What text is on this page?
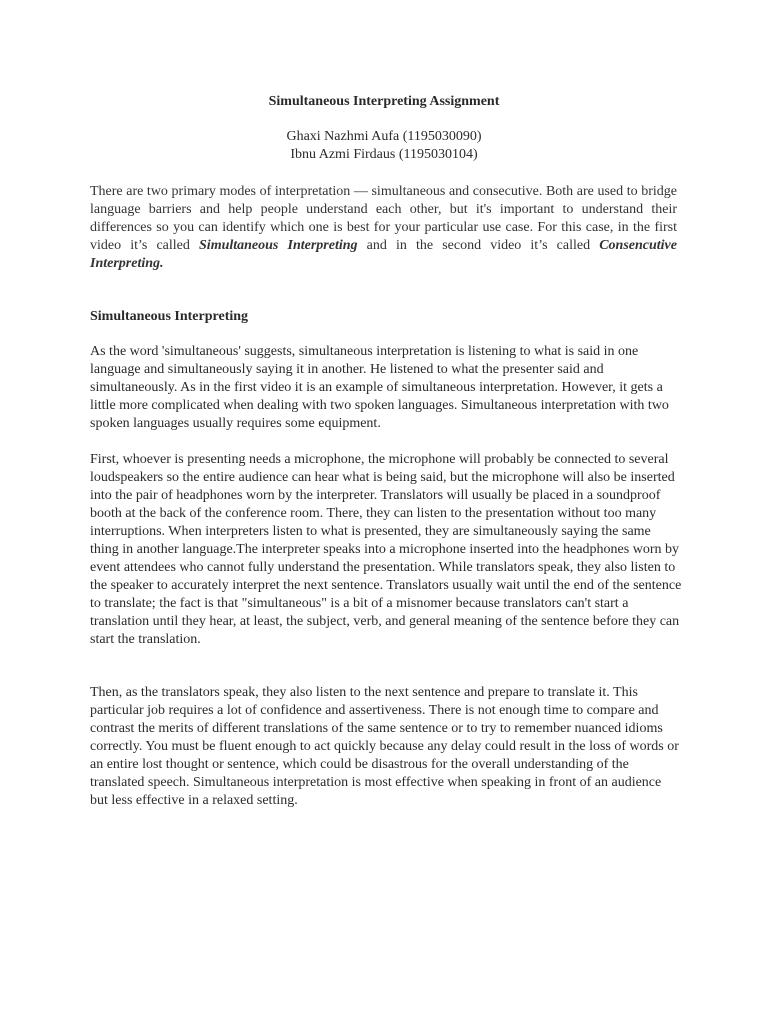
Simultaneous Interpreting Assignment
Ghaxi Nazhmi Aufa (1195030090)
Ibnu Azmi Firdaus (1195030104)

There are two primary modes of interpretation — simultaneous and consecutive. Both are used to bridge language barriers and help people understand each other, but it's important to understand their differences so you can identify which one is best for your particular use case. For this case, in the first video it’s called Simultaneous Interpreting and in the second video it’s called Consencutive Interpreting.

Simultaneous Interpreting

As the word 'simultaneous' suggests, simultaneous interpretation is listening to what is said in one language and simultaneously saying it in another. He listened to what the presenter said and simultaneously. As in the first video it is an example of simultaneous interpretation. However, it gets a little more complicated when dealing with two spoken languages. Simultaneous interpretation with two spoken languages usually requires some equipment.

First, whoever is presenting needs a microphone, the microphone will probably be connected to several loudspeakers so the entire audience can hear what is being said, but the microphone will also be inserted into the pair of headphones worn by the interpreter. Translators will usually be placed in a soundproof booth at the back of the conference room. There, they can listen to the presentation without too many interruptions. When interpreters listen to what is presented, they are simultaneously saying the same thing in another language.The interpreter speaks into a microphone inserted into the headphones worn by event attendees who cannot fully understand the presentation. While translators speak, they also listen to the speaker to accurately interpret the next sentence. Translators usually wait until the end of the sentence to translate; the fact is that "simultaneous" is a bit of a misnomer because translators can't start a translation until they hear, at least, the subject, verb, and general meaning of the sentence before they can start the translation.

Then, as the translators speak, they also listen to the next sentence and prepare to translate it. This particular job requires a lot of confidence and assertiveness. There is not enough time to compare and contrast the merits of different translations of the same sentence or to try to remember nuanced idioms correctly. You must be fluent enough to act quickly because any delay could result in the loss of words or an entire lost thought or sentence, which could be disastrous for the overall understanding of the translated speech. Simultaneous interpretation is most effective when speaking in front of an audience but less effective in a relaxed setting.
